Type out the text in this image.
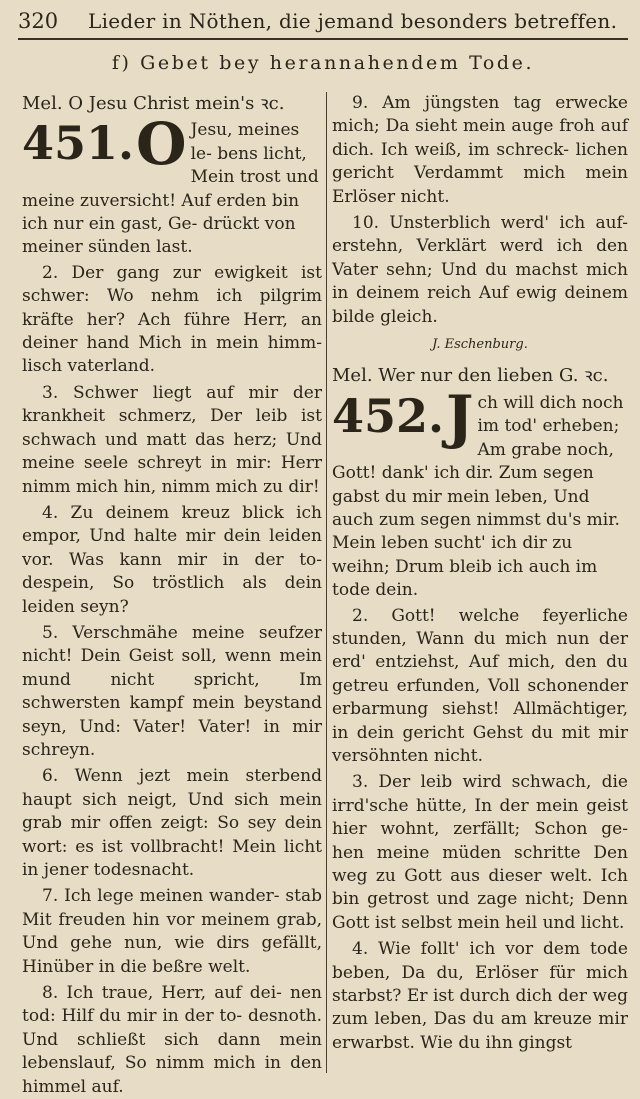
320	Lieder in Nöthen, die jemand besonders betreffen.
f) Gebet bey herannahendem Tode.
Mel. O Jesu Christ mein's ꝛc.
451. O Jesu, meines le- bens licht, Mein trost und meine zuversicht! Auf erden bin ich nur ein gast, Ge- drückt von meiner sünden last.

2. Der gang zur ewigkeit ist schwer: Wo nehm ich pilgrim kräfte her? Ach führe Herr, an deiner hand Mich in mein himm- lisch vaterland.

3. Schwer liegt auf mir der krankheit schmerz, Der leib ist schwach und matt das herz; Und meine seele schreyt in mir: Herr nimm mich hin, nimm mich zu dir!

4. Zu deinem kreuz blick ich empor, Und halte mir dein leiden vor. Was kann mir in der to- despein, So tröstlich als dein leiden seyn?

5. Verschmähe meine seufzer nicht! Dein Geist soll, wenn mein mund nicht spricht, Im schwersten kampf mein beystand seyn, Und: Vater! Vater! in mir schreyn.

6. Wenn jezt mein sterbend haupt sich neigt, Und sich mein grab mir offen zeigt: So sey dein wort: es ist vollbracht! Mein licht in jener todesnacht.

7. Ich lege meinen wander- stab Mit freuden hin vor meinem grab, Und gehe nun, wie dirs gefällt, Hinüber in die beßre welt.

8. Ich traue, Herr, auf dei- nen tod: Hilf du mir in der to- desnoth. Und schließt sich dann mein lebenslauf, So nimm mich in den himmel auf.

9. Am jüngsten tag erwecke mich; Da sieht mein auge froh auf dich. Ich weiß, im schreck- lichen gericht Verdammt mich mein Erlöser nicht.

10. Unsterblich werd' ich auf- erstehn, Verklärt werd ich den Vater sehn; Und du machst mich in deinem reich Auf ewig deinem bilde gleich.

J. Eschenburg.
Mel. Wer nur den lieben G. ꝛc.
452. J ch will dich noch im tod' erheben; Am grabe noch, Gott! dank' ich dir. Zum segen gabst du mir mein leben, Und auch zum segen nimmst du's mir. Mein leben sucht' ich dir zu weihn; Drum bleib ich auch im tode dein.

2. Gott! welche feyerliche stunden, Wann du mich nun der erd' entziehst, Auf mich, den du getreu erfunden, Voll schonender erbarmung siehst! Allmächtiger, in dein gericht Gehst du mit mir versöhnten nicht.

3. Der leib wird schwach, die irrd'sche hütte, In der mein geist hier wohnt, zerfällt; Schon ge- hen meine müden schritte Den weg zu Gott aus dieser welt. Ich bin getrost und zage nicht; Denn Gott ist selbst mein heil und licht.

4. Wie follt' ich vor dem tode beben, Da du, Erlöser für mich starbst? Er ist durch dich der weg zum leben, Das du am kreuze mir erwarbst. Wie du ihn gingst
